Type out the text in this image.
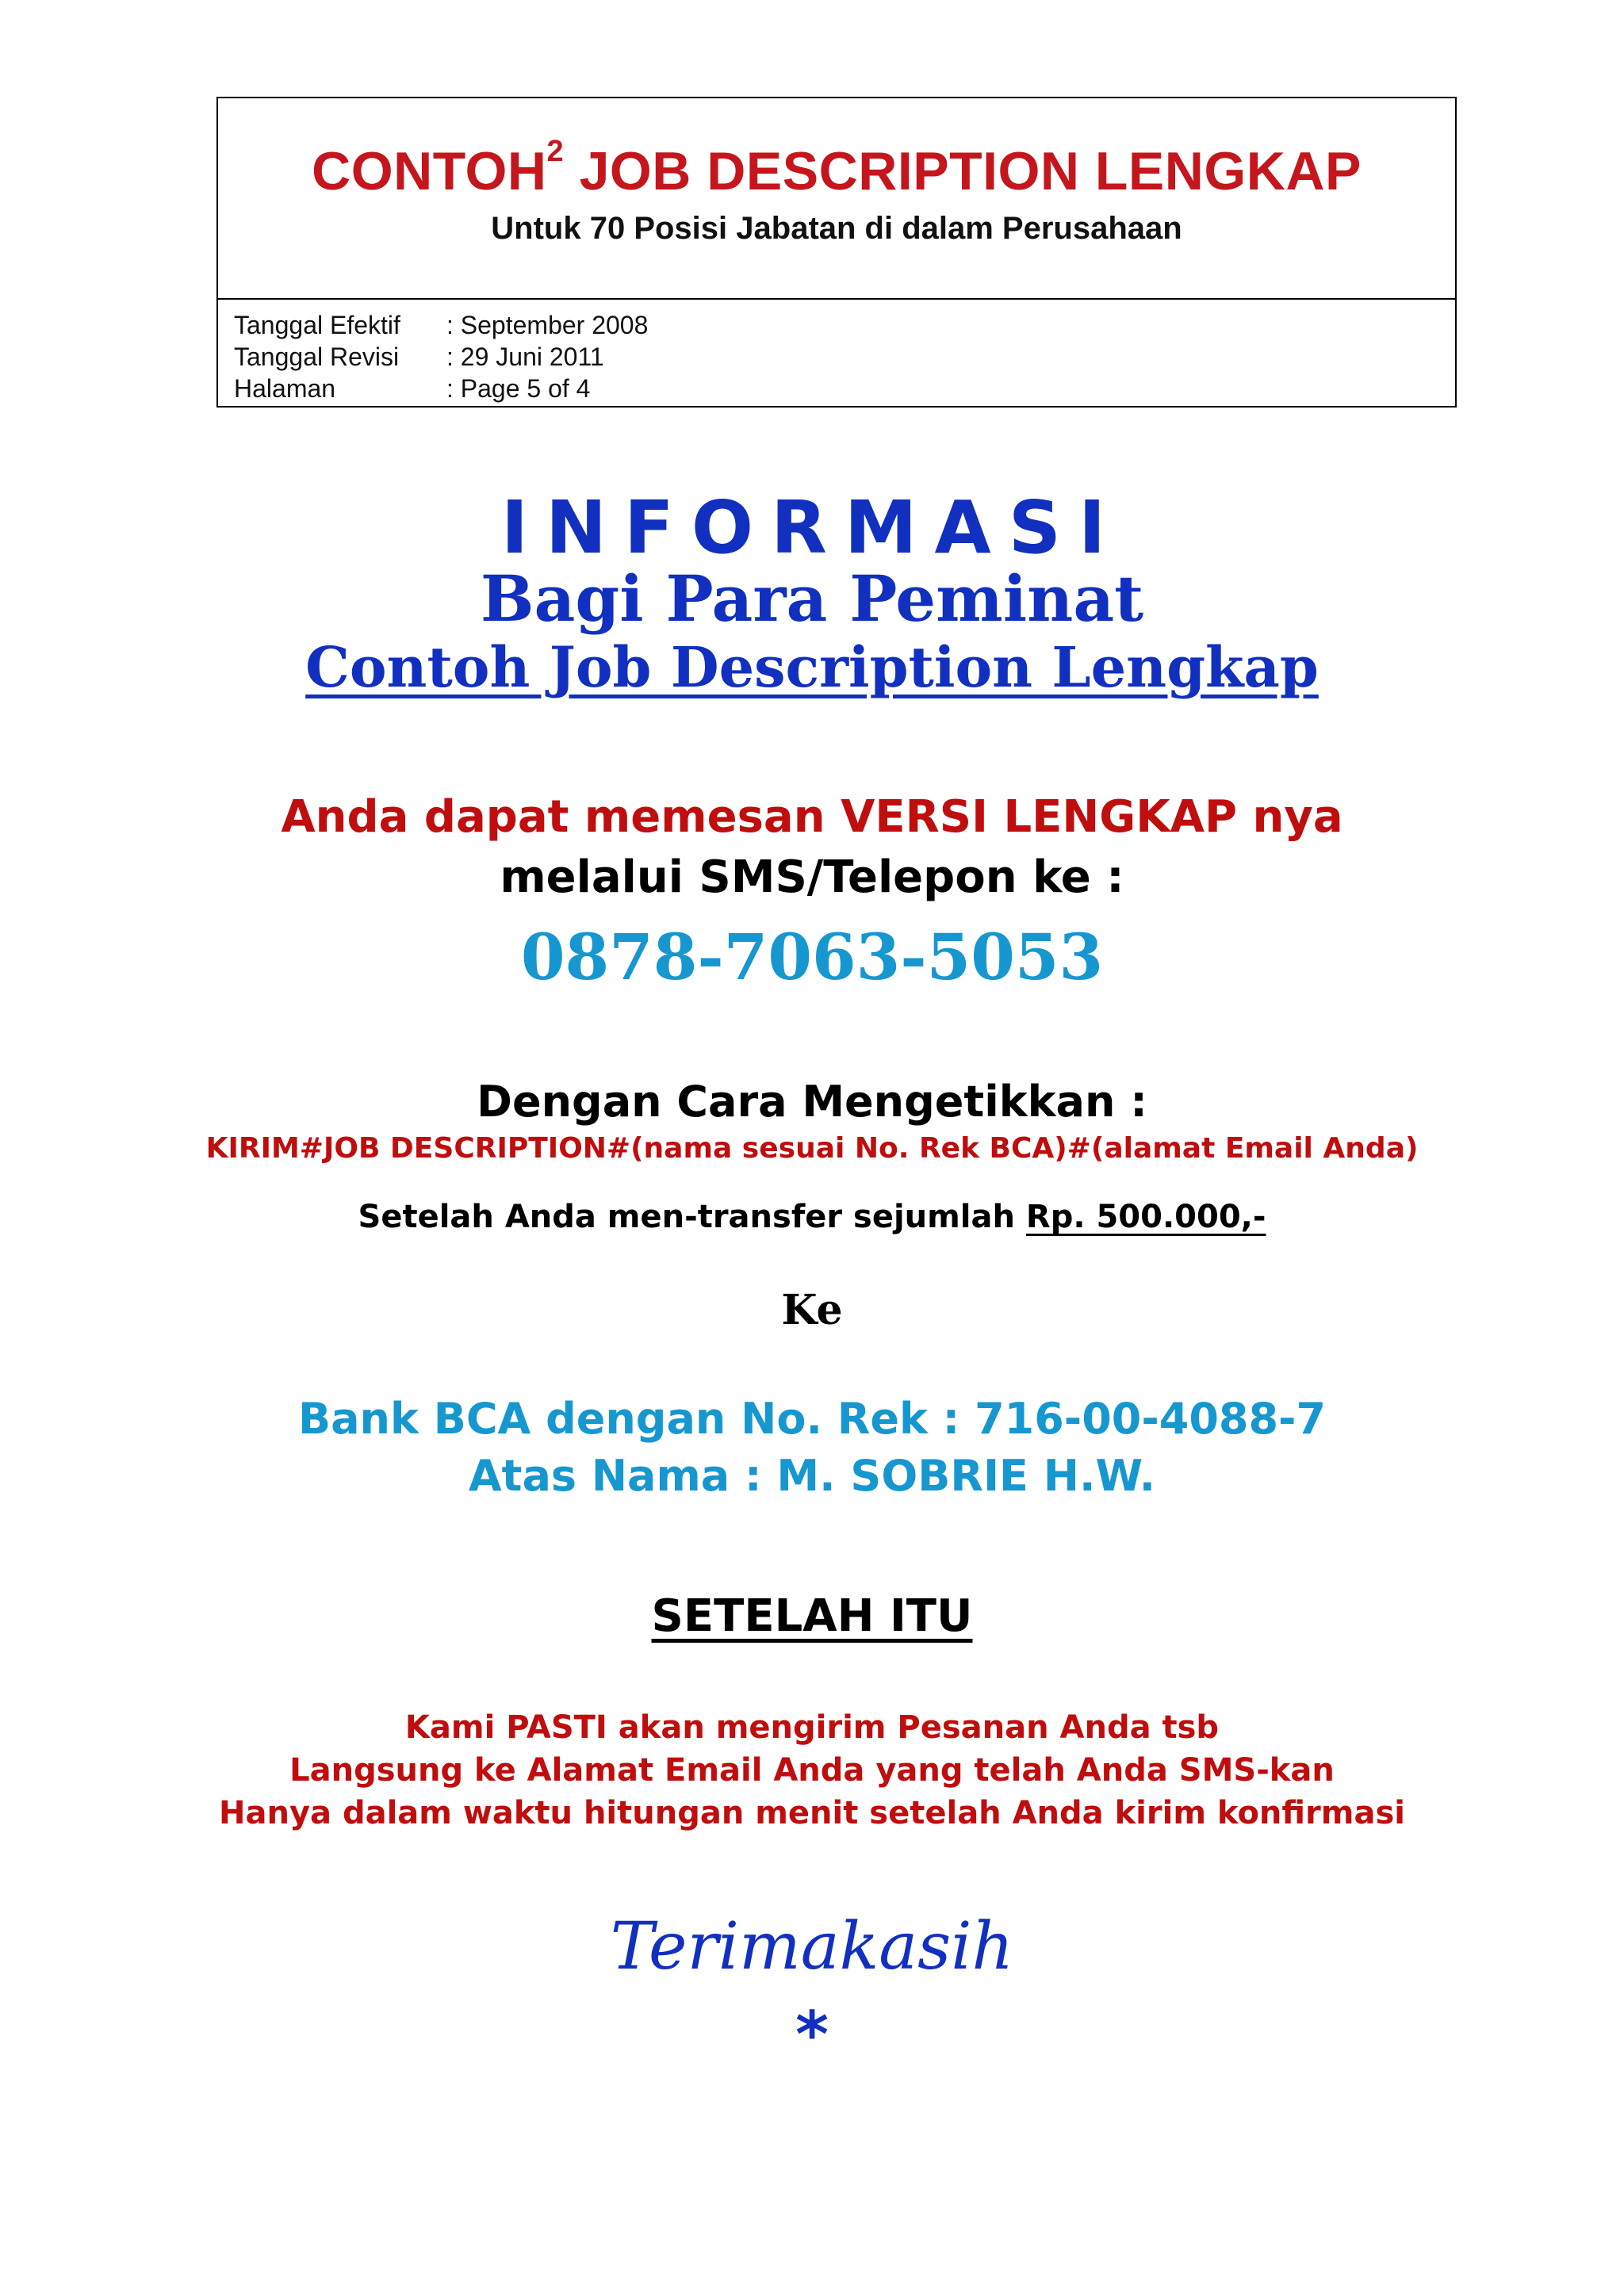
CONTOH$^2$ JOB DESCRIPTION LENGKAP
Untuk 70 Posisi Jabatan di dalam Perusahaan
Tanggal Efektif	: September 2008
Tanggal Revisi	: 29 Juni 2011
Halaman	: Page 5 of 4
INFORMASI
Bagi Para Peminat
Contoh Job Description Lengkap
Anda dapat memesan VERSI LENGKAP nya
melalui SMS/Telepon ke :
0878-7063-5053
Dengan Cara Mengetikkan :
KIRIM#JOB DESCRIPTION#(nama sesuai No. Rek BCA)#(alamat Email Anda)
Setelah Anda men-transfer sejumlah Rp. 500.000,-
Ke
Bank BCA dengan No. Rek : 716-00-4088-7
Atas Nama : M. SOBRIE H.W.
SETELAH ITU
Kami PASTI akan mengirim Pesanan Anda tsb
Langsung ke Alamat Email Anda yang telah Anda SMS-kan
Hanya dalam waktu hitungan menit setelah Anda kirim konfirmasi
Terimakasih
*
